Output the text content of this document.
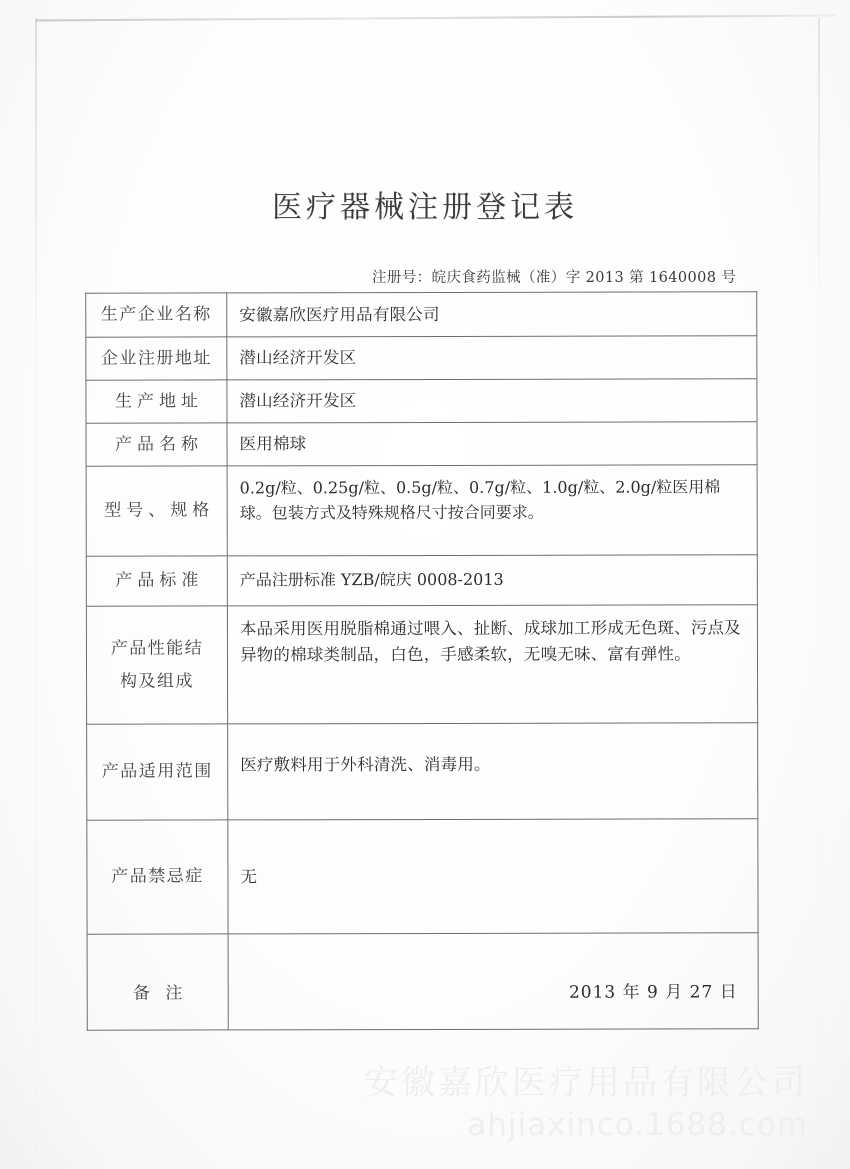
医疗器械注册登记表
注册号：皖庆食药监械（准）字 2013 第 1640008 号
生产企业名称	安徽嘉欣医疗用品有限公司
企业注册地址	潜山经济开发区
生产地址	潜山经济开发区
产品名称	医用棉球
型号、规格	0.2g/粒、0.25g/粒、0.5g/粒、0.7g/粒、1.0g/粒、2.0g/粒医用棉球。包装方式及特殊规格尺寸按合同要求。
产品标准	产品注册标准 YZB/皖庆 0008-2013

产品性能结
构及组成	本品采用医用脱脂棉通过喂入、扯断、成球加工形成无色斑、污点及异物的棉球类制品，白色，手感柔软，无嗅无味、富有弹性。
产品适用范围	医疗敷料用于外科清洗、消毒用。

产品禁忌症	无

备 注	2013 年 9 月 27 日
安徽嘉欣医疗用品有限公司
ahjiaxinco.1688.com
